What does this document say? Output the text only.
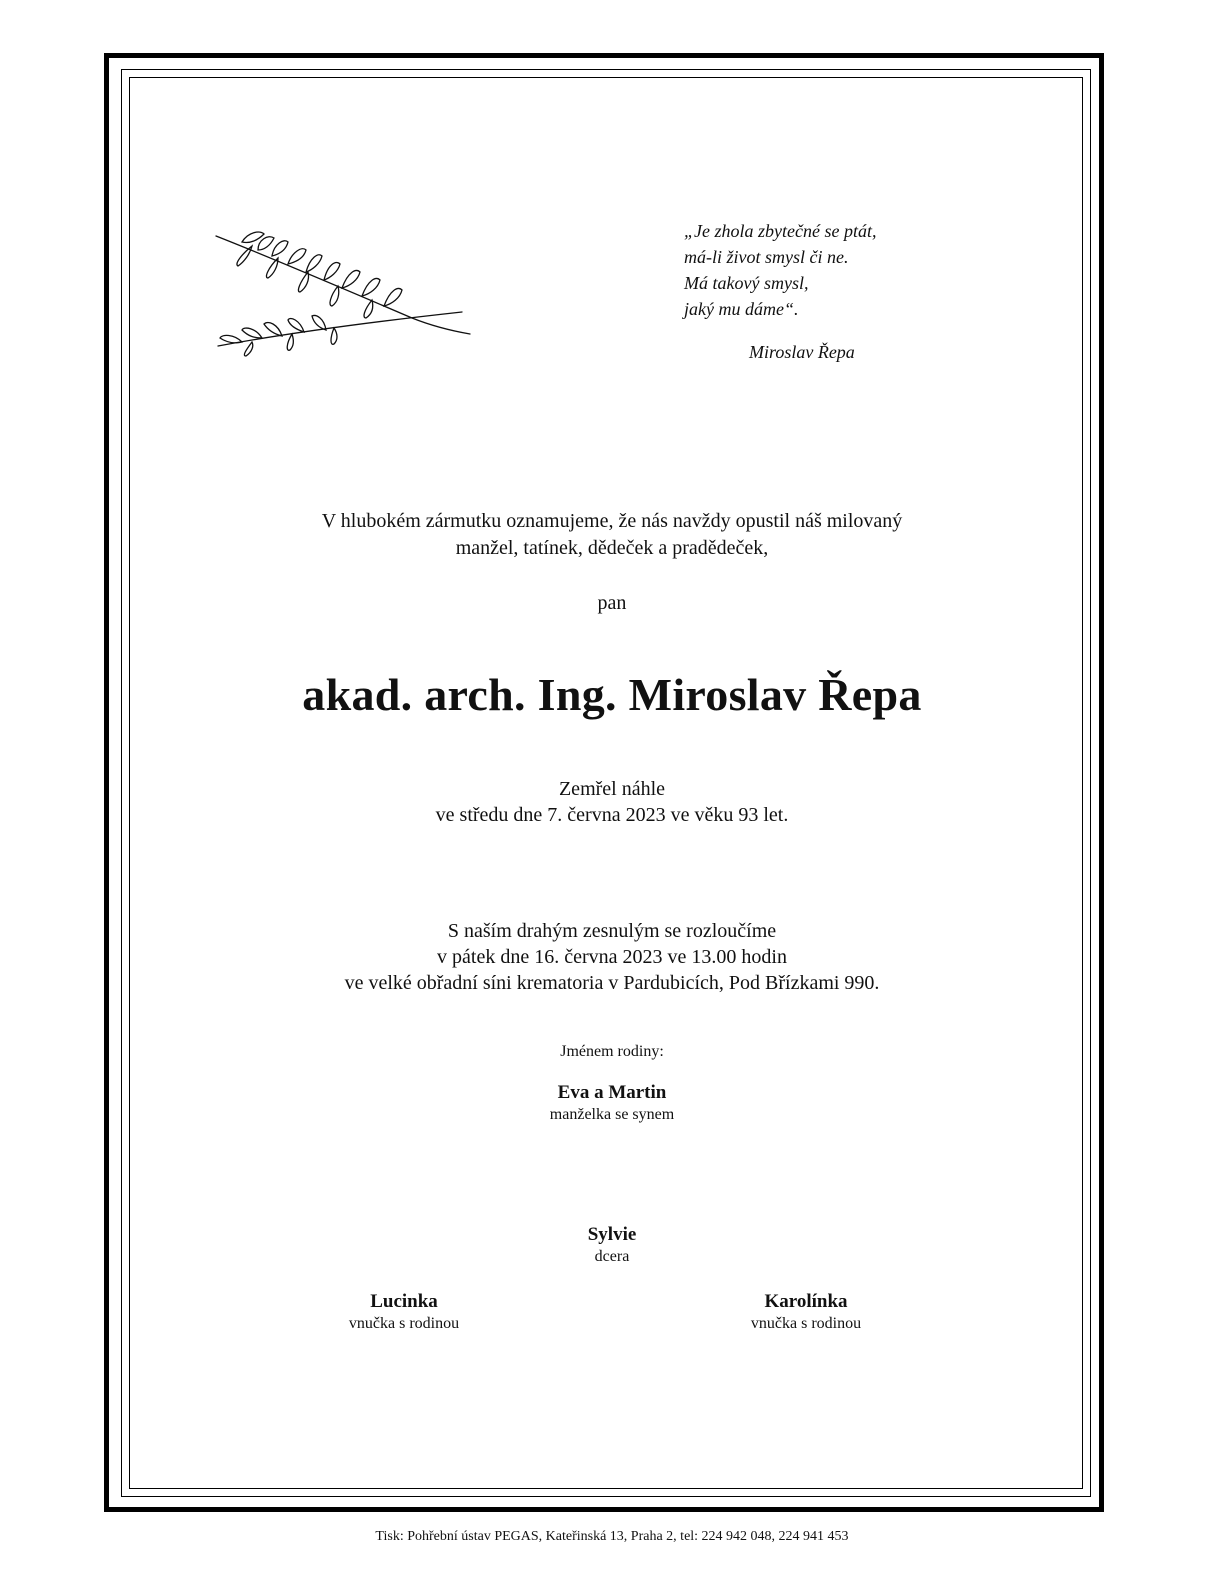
„Je zhola zbytečné se ptát,

má-li život smysl či ne.

Má takový smysl,

jaký mu dáme“.

Miroslav Řepa
V hlubokém zármutku oznamujeme, že nás navždy opustil náš milovaný
manžel, tatínek, dědeček a pradědeček,
pan
akad. arch. Ing. Miroslav Řepa
Zemřel náhle
ve středu dne 7. června 2023 ve věku 93 let.
S naším drahým zesnulým se rozloučíme
v pátek dne 16. června 2023 ve 13.00 hodin
ve velké obřadní síni krematoria v Pardubicích, Pod Břízkami 990.
Jménem rodiny:
Eva a Martin
manželka se synem
Sylvie
dcera
Lucinka
vnučka s rodinou
Karolínka
vnučka s rodinou
Tisk: Pohřební ústav PEGAS, Kateřinská 13, Praha 2, tel: 224 942 048, 224 941 453
